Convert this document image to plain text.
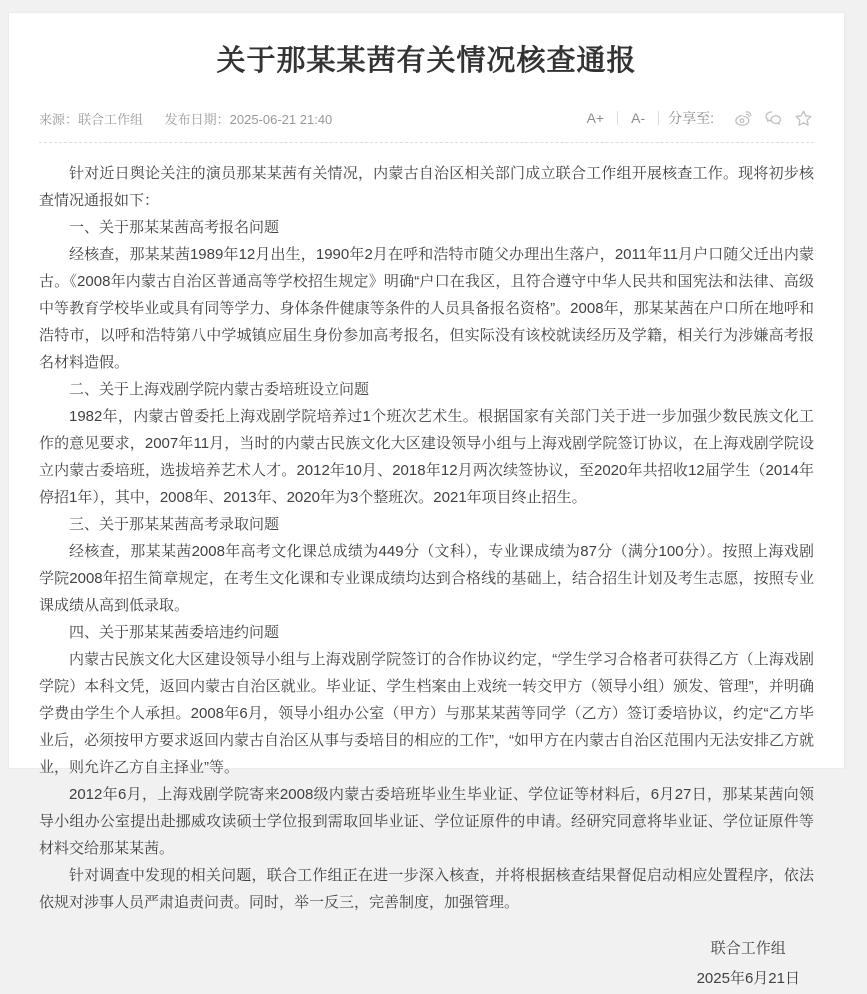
关于那某某茜有关情况核查通报
来源：联合工作组 发布日期：2025-06-21 21:40	A+ A- 分享至:

针对近日舆论关注的演员那某某茜有关情况，内蒙古自治区相关部门成立联合工作组开展核查工作。现将初步核查情况通报如下：

一、关于那某某茜高考报名问题

经核查，那某某茜1989年12月出生，1990年2月在呼和浩特市随父办理出生落户，2011年11月户口随父迁出内蒙古。《2008年内蒙古自治区普通高等学校招生规定》明确“户口在我区，且符合遵守中华人民共和国宪法和法律、高级中等教育学校毕业或具有同等学力、身体条件健康等条件的人员具备报名资格”。2008年，那某某茜在户口所在地呼和浩特市，以呼和浩特第八中学城镇应届生身份参加高考报名，但实际没有该校就读经历及学籍，相关行为涉嫌高考报名材料造假。

二、关于上海戏剧学院内蒙古委培班设立问题

1982年，内蒙古曾委托上海戏剧学院培养过1个班次艺术生。根据国家有关部门关于进一步加强少数民族文化工作的意见要求，2007年11月，当时的内蒙古民族文化大区建设领导小组与上海戏剧学院签订协议，在上海戏剧学院设立内蒙古委培班，选拔培养艺术人才。2012年10月、2018年12月两次续签协议，至2020年共招收12届学生（2014年停招1年），其中，2008年、2013年、2020年为3个整班次。2021年项目终止招生。

三、关于那某某茜高考录取问题

经核查，那某某茜2008年高考文化课总成绩为449分（文科），专业课成绩为87分（满分100分）。按照上海戏剧学院2008年招生简章规定，在考生文化课和专业课成绩均达到合格线的基础上，结合招生计划及考生志愿，按照专业课成绩从高到低录取。

四、关于那某某茜委培违约问题

内蒙古民族文化大区建设领导小组与上海戏剧学院签订的合作协议约定，“学生学习合格者可获得乙方（上海戏剧学院）本科文凭，返回内蒙古自治区就业。毕业证、学生档案由上戏统一转交甲方（领导小组）颁发、管理”，并明确学费由学生个人承担。2008年6月，领导小组办公室（甲方）与那某某茜等同学（乙方）签订委培协议，约定“乙方毕业后，必须按甲方要求返回内蒙古自治区从事与委培目的相应的工作”，“如甲方在内蒙古自治区范围内无法安排乙方就业，则允许乙方自主择业”等。

2012年6月，上海戏剧学院寄来2008级内蒙古委培班毕业生毕业证、学位证等材料后，6月27日，那某某茜向领导小组办公室提出赴挪威攻读硕士学位报到需取回毕业证、学位证原件的申请。经研究同意将毕业证、学位证原件等材料交给那某某茜。

针对调查中发现的相关问题，联合工作组正在进一步深入核查，并将根据核查结果督促启动相应处置程序，依法依规对涉事人员严肃追责问责。同时，举一反三，完善制度，加强管理。

联合工作组
2025年6月21日
